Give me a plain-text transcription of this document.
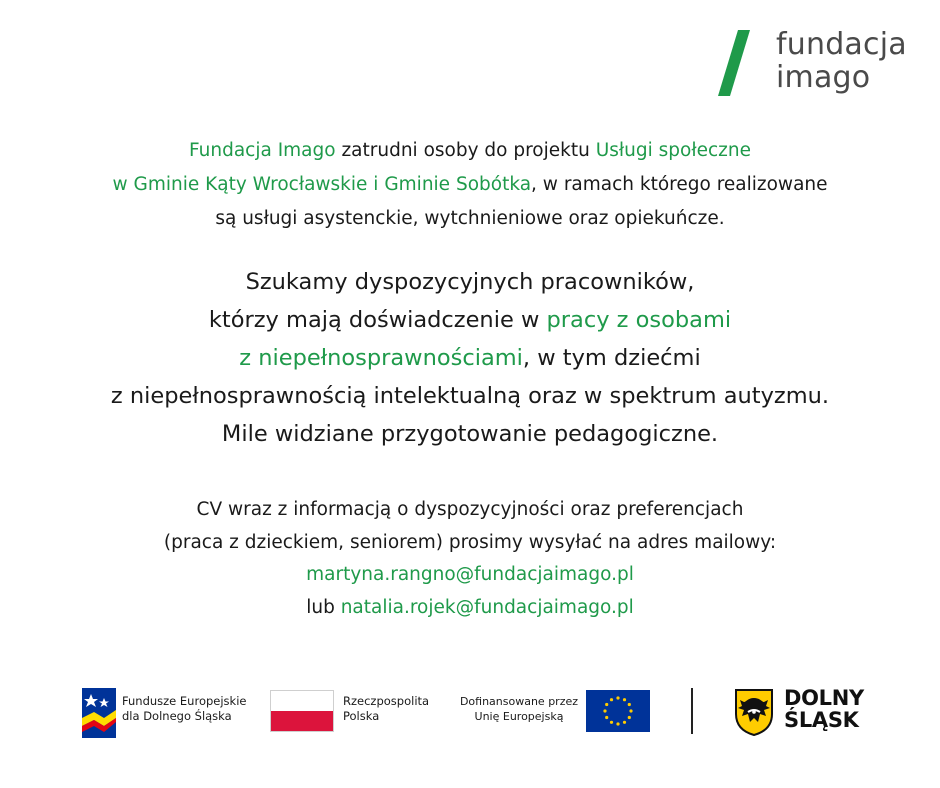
fundacja
imago
Fundacja Imago zatrudni osoby do projektu Usługi społeczne
w Gminie Kąty Wrocławskie i Gminie Sobótka, w ramach którego realizowane
są usługi asystenckie, wytchnieniowe oraz opiekuńcze.
Szukamy dyspozycyjnych pracowników,
którzy mają doświadczenie w pracy z osobami
z niepełnosprawnościami, w tym dziećmi
z niepełnosprawnością intelektualną oraz w spektrum autyzmu.
Mile widziane przygotowanie pedagogiczne.
CV wraz z informacją o dyspozycyjności oraz preferencjach
(praca z dzieckiem, seniorem) prosimy wysyłać na adres mailowy:
martyna.rangno@fundacjaimago.pl
lub natalia.rojek@fundacjaimago.pl
Fundusze Europejskie
dla Dolnego Śląska
Rzeczpospolita
Polska
Dofinansowane przez
Unię Europejską
DOLNY
ŚLĄSK
